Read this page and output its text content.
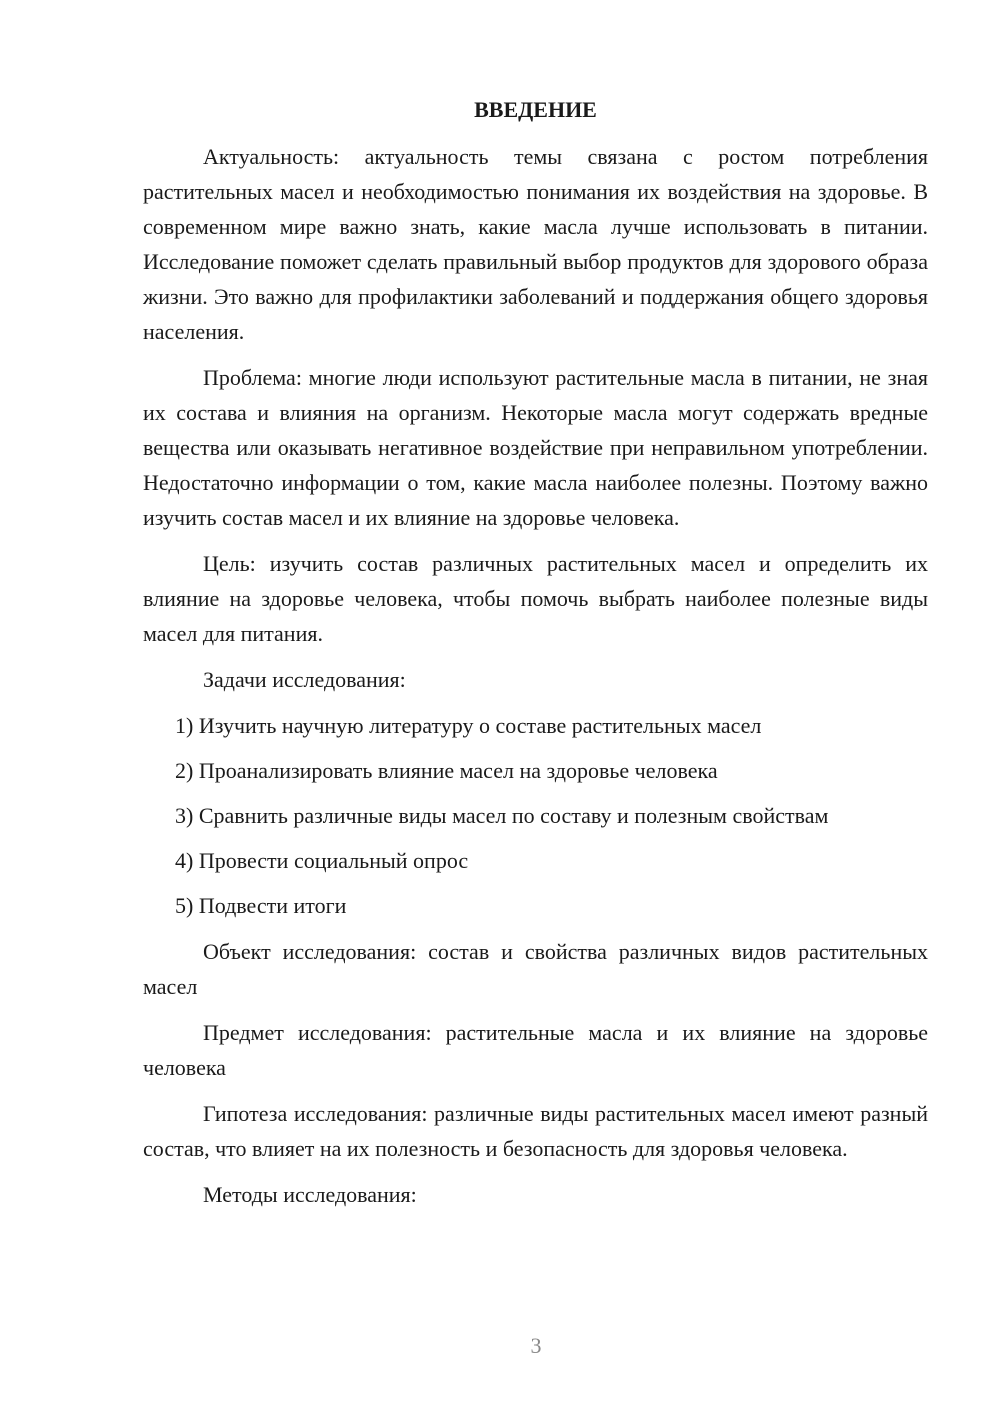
ВВЕДЕНИЕ

Актуальность: актуальность темы связана с ростом потребления растительных масел и необходимостью понимания их воздействия на здоровье. В современном мире важно знать, какие масла лучше использовать в питании. Исследование поможет сделать правильный выбор продуктов для здорового образа жизни. Это важно для профилактики заболеваний и поддержания общего здоровья населения.

Проблема: многие люди используют растительные масла в питании, не зная их состава и влияния на организм. Некоторые масла могут содержать вредные вещества или оказывать негативное воздействие при неправильном употреблении. Недостаточно информации о том, какие масла наиболее полезны. Поэтому важно изучить состав масел и их влияние на здоровье человека.

Цель: изучить состав различных растительных масел и определить их влияние на здоровье человека, чтобы помочь выбрать наиболее полезные виды масел для питания.

Задачи исследования:

1) Изучить научную литературу о составе растительных масел
2) Проанализировать влияние масел на здоровье человека
3) Сравнить различные виды масел по составу и полезным свойствам
4) Провести социальный опрос
5) Подвести итоги

Объект исследования: состав и свойства различных видов растительных масел

Предмет исследования: растительные масла и их влияние на здоровье человека

Гипотеза исследования: различные виды растительных масел имеют разный состав, что влияет на их полезность и безопасность для здоровья человека.

Методы исследования:

3
